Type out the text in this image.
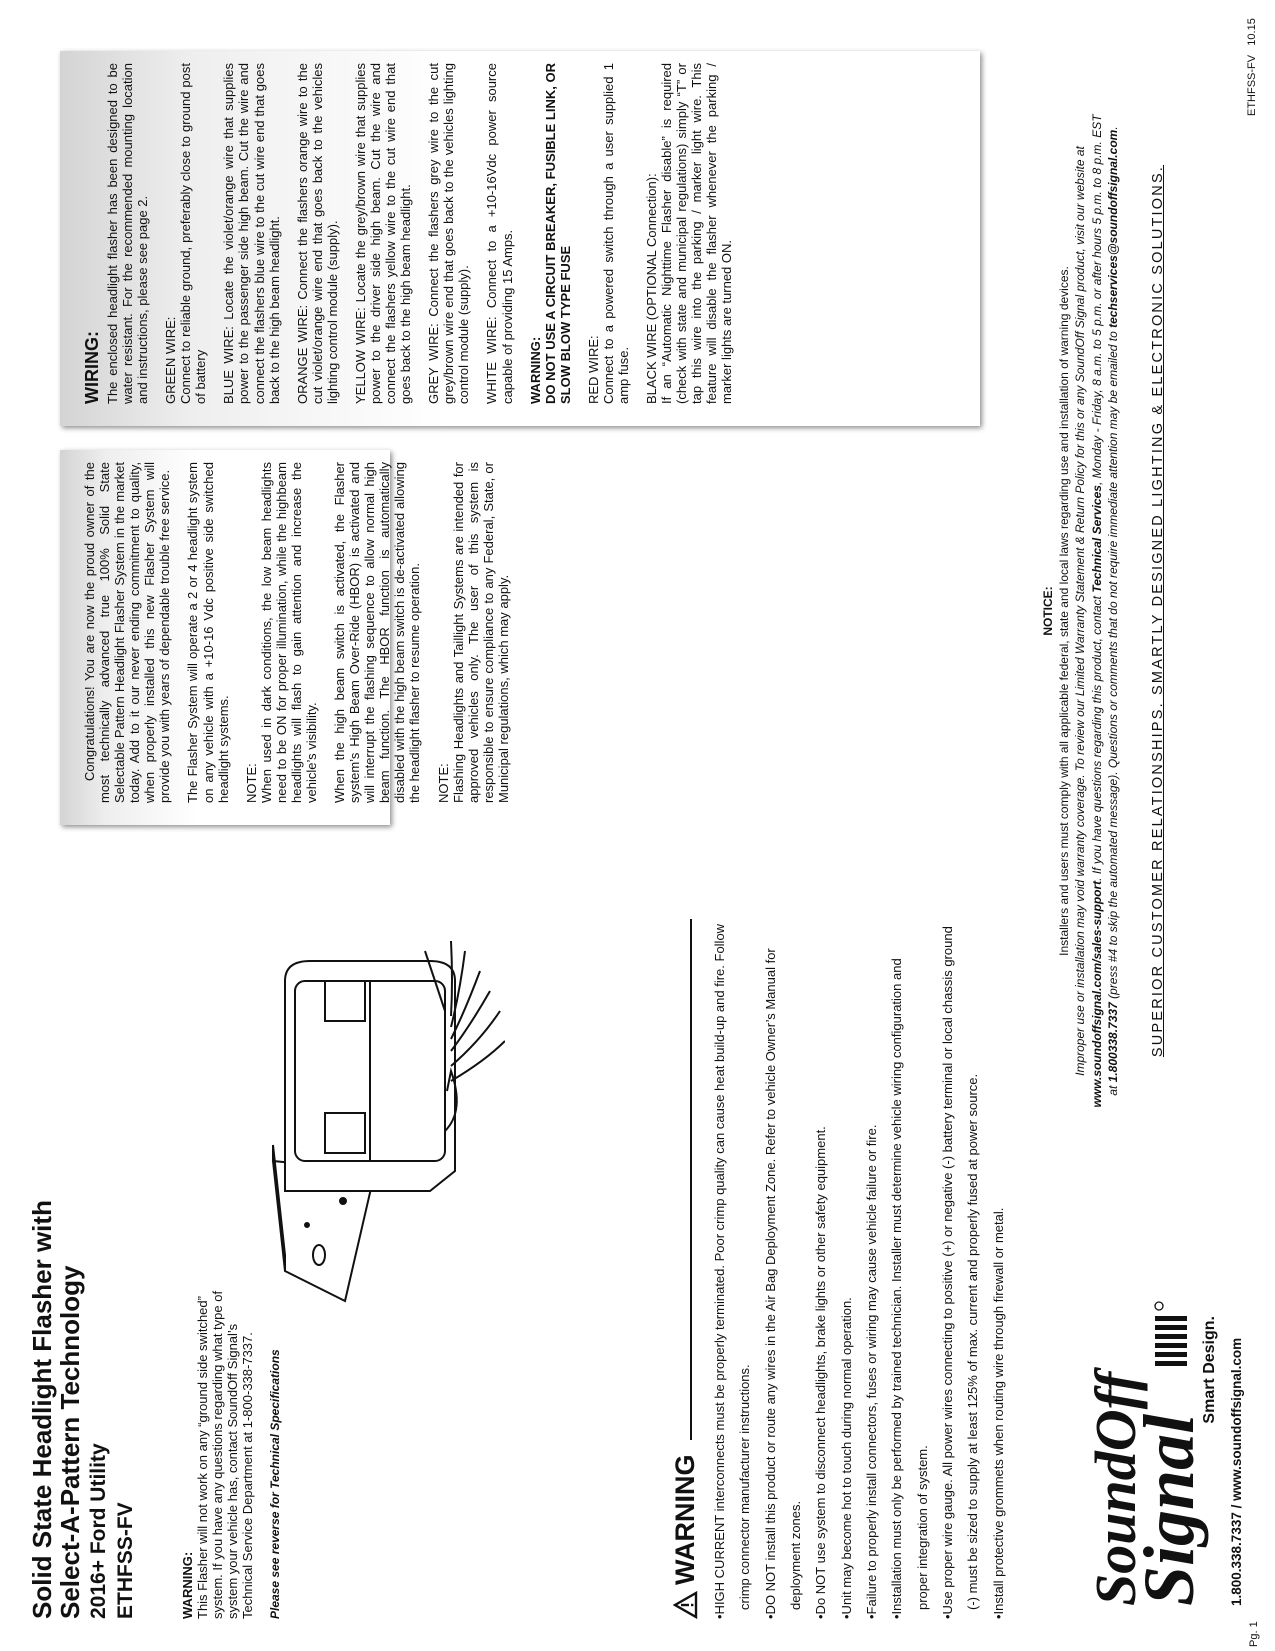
Solid State Headlight Flasher with
Select-A-Pattern Technology 2016+ Ford Utility ETHFSS-FV	WARNING: This Flasher will not work on any “ground side switched” system. If you have any questions regarding what type of system your vehicle has, contact SoundOff Signal’s Technical Service Department at 1-800-338-7337. Please see reverse for Technical Specifications	WARNING • HIGH CURRENT interconnects must be properly terminated. Poor crimp quality can cause heat build-up and fire. Follow crimp connector manufacturer instructions. • DO NOT install this product or route any wires in the Air Bag Deployment Zone. Refer to vehicle Owner’s Manual for deployment zones. • Do NOT use system to disconnect headlights, brake lights or other safety equipment. • Unit may become hot to touch during normal operation. • Failure to properly install connectors, fuses or wiring may cause vehicle failure or fire. • Installation must only be performed by trained technician. Installer must determine vehicle wiring configuration and proper integration of system. • Use proper wire gauge. All power wires connecting to positive (+) or negative (-) battery terminal or local chassis ground (-) must be sized to supply at least 125% of max. current and properly fused at power source. • Install protective grommets when routing wire through firewall or metal.

Congratulations! You are now the proud owner of the most technically advanced true 100% Solid State Selectable Pattern Headlight Flasher System in the market today. Add to it our never ending commitment to quality, when properly installed this new Flasher System will provide you with years of dependable trouble free service. The Flasher System will operate a 2 or 4 headlight system on any vehicle with a +10-16 Vdc positive side switched headlight systems. NOTE: When used in dark conditions, the low beam headlights need to be ON for proper illumination, while the highbeam headlights will flash to gain attention and increase the vehicle’s visibility. When the high beam switch is activated, the Flasher system’s High Beam Over-Ride (HBOR) is activated and will interrupt the flashing sequence to allow normal high beam function. The HBOR function is automatically disabled with the high beam switch is de-activated allowing the headlight flasher to resume operation. NOTE: Flashing Headlights and Taillight Systems are intended for approved vehicles only. The user of this system is responsible to ensure compliance to any Federal, State, or Municipal regulations, which may apply.

WIRING: The enclosed headlight flasher has been designed to be water resistant. For the recommended mounting location and instructions, please see page 2. GREEN WIRE: Connect to reliable ground, preferably close to ground post of battery BLUE WIRE: Locate the violet/orange wire that supplies power to the passenger side high beam. Cut the wire and connect the flashers blue wire to the cut wire end that goes back to the high beam headlight. ORANGE WIRE: Connect the flashers orange wire to the cut violet/orange wire end that goes back to the vehicles lighting control module (supply). YELLOW WIRE: Locate the grey/brown wire that supplies power to the driver side high beam. Cut the wire and connect the flashers yellow wire to the cut wire end that goes back to the high beam headlight. GREY WIRE: Connect the flashers grey wire to the cut grey/brown wire end that goes back to the vehicles lighting control module (supply). WHITE WIRE: Connect to a +10-16Vdc power source capable of providing 15 Amps. WARNING: DO NOT USE A CIRCUIT BREAKER, FUSIBLE LINK, OR SLOW BLOW TYPE FUSE RED WIRE: Connect to a powered switch through a user supplied 1 amp fuse. BLACK WIRE (OPTIONAL Connection): If an “Automatic Nighttime Flasher disable” is required (check with state and municipal regulations) simply “T” or tap this wire into the parking / marker light wire. This feature will disable the flasher whenever the parking / marker lights are turned ON.

NOTICE: Installers and users must comply with all applicable federal, state and local laws regarding use and installation of warning devices. Improper use or installation may void warranty coverage. To review our Limited Warranty Statement & Return Policy for this or any SoundOff Signal product, visit our website at www.soundoffsignal.com/sales-support. If you have questions regarding this product, contact Technical Services, Monday - Friday, 8 a.m. to 5 p.m. or after hours 5 p.m. to 8 p.m. EST
at 1.800338.7337 (press #4 to skip the automated message). Questions or comments that do not require immediate attention may be emailed to techservices@soundoffsignal.com.
SUPERIOR CUSTOMER RELATIONSHIPS. SMARTLY DESIGNED LIGHTING & ELECTRONIC SOLUTIONS.
SoundOff
Signal
Smart Design. 1.800.338.7337 / www.soundoffsignal.com
Pg. 1
ETHFSS-FV   10.15
